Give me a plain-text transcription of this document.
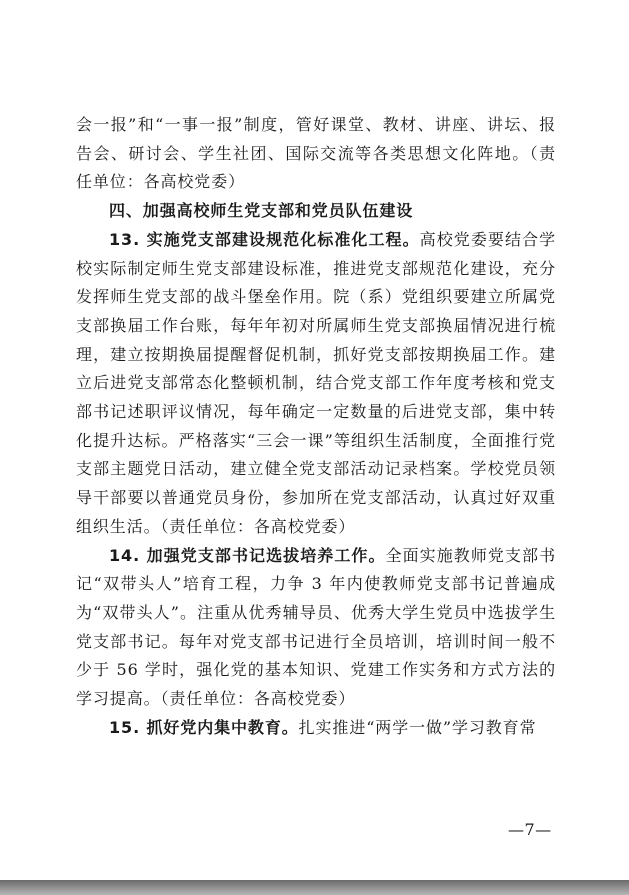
会一报”和“一事一报”制度，管好课堂、教材、讲座、讲坛、报告会、研讨会、学生社团、国际交流等各类思想文化阵地。（责任单位：各高校党委）

四、加强高校师生党支部和党员队伍建设

13. 实施党支部建设规范化标准化工程。高校党委要结合学校实际制定师生党支部建设标准，推进党支部规范化建设，充分发挥师生党支部的战斗堡垒作用。院（系）党组织要建立所属党支部换届工作台账，每年年初对所属师生党支部换届情况进行梳理，建立按期换届提醒督促机制，抓好党支部按期换届工作。建立后进党支部常态化整顿机制，结合党支部工作年度考核和党支部书记述职评议情况，每年确定一定数量的后进党支部，集中转化提升达标。严格落实“三会一课”等组织生活制度，全面推行党支部主题党日活动，建立健全党支部活动记录档案。学校党员领导干部要以普通党员身份，参加所在党支部活动，认真过好双重组织生活。（责任单位：各高校党委）

14. 加强党支部书记选拔培养工作。全面实施教师党支部书记“双带头人”培育工程，力争 3 年内使教师党支部书记普遍成为“双带头人”。注重从优秀辅导员、优秀大学生党员中选拔学生党支部书记。每年对党支部书记进行全员培训，培训时间一般不少于 56 学时，强化党的基本知识、党建工作实务和方式方法的学习提高。（责任单位：各高校党委）

15. 抓好党内集中教育。扎实推进“两学一做”学习教育常

—7—
